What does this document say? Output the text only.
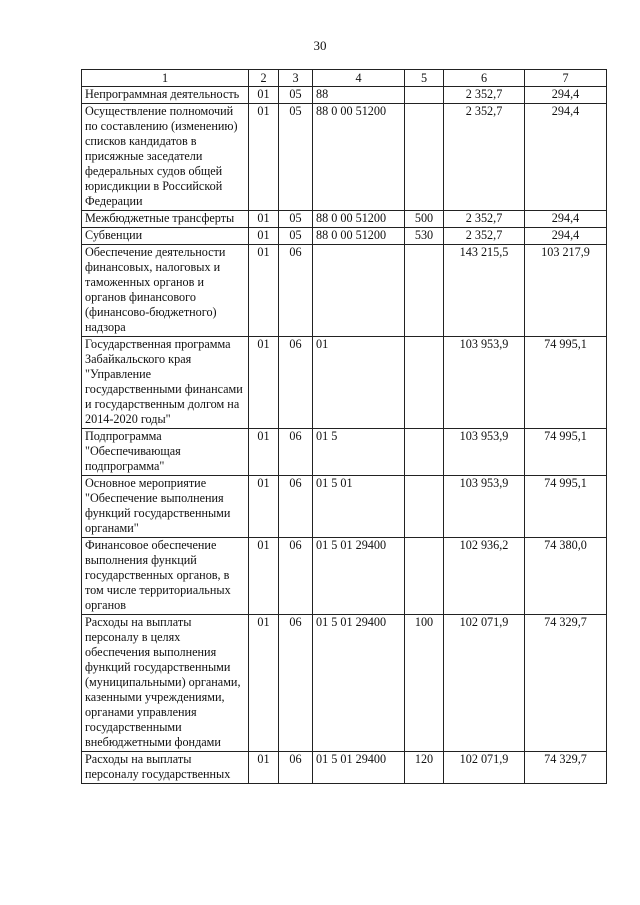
30
1	2	3	4	5	6	7
Непрограммная деятельность	01	05	88		2 352,7	294,4
Осуществление полномочий по составлению (изменению) списков кандидатов в присяжные заседатели федеральных судов общей юрисдикции в Российской Федерации	01	05	88 0 00 51200		2 352,7	294,4
Межбюджетные трансферты	01	05	88 0 00 51200	500	2 352,7	294,4
Субвенции	01	05	88 0 00 51200	530	2 352,7	294,4
Обеспечение деятельности финансовых, налоговых и таможенных органов и органов финансового (финансово-бюджетного) надзора	01	06			143 215,5	103 217,9
Государственная программа Забайкальского края "Управление государственными финансами и государственным долгом на 2014-2020 годы"	01	06	01		103 953,9	74 995,1
Подпрограмма "Обеспечивающая подпрограмма"	01	06	01 5		103 953,9	74 995,1
Основное мероприятие "Обеспечение выполнения функций государственными органами"	01	06	01 5 01		103 953,9	74 995,1
Финансовое обеспечение выполнения функций государственных органов, в том числе территориальных органов	01	06	01 5 01 29400		102 936,2	74 380,0
Расходы на выплаты персоналу в целях обеспечения выполнения функций государственными (муниципальными) органами, казенными учреждениями, органами управления государственными внебюджетными фондами	01	06	01 5 01 29400	100	102 071,9	74 329,7
Расходы на выплаты персоналу государственных	01	06	01 5 01 29400	120	102 071,9	74 329,7
